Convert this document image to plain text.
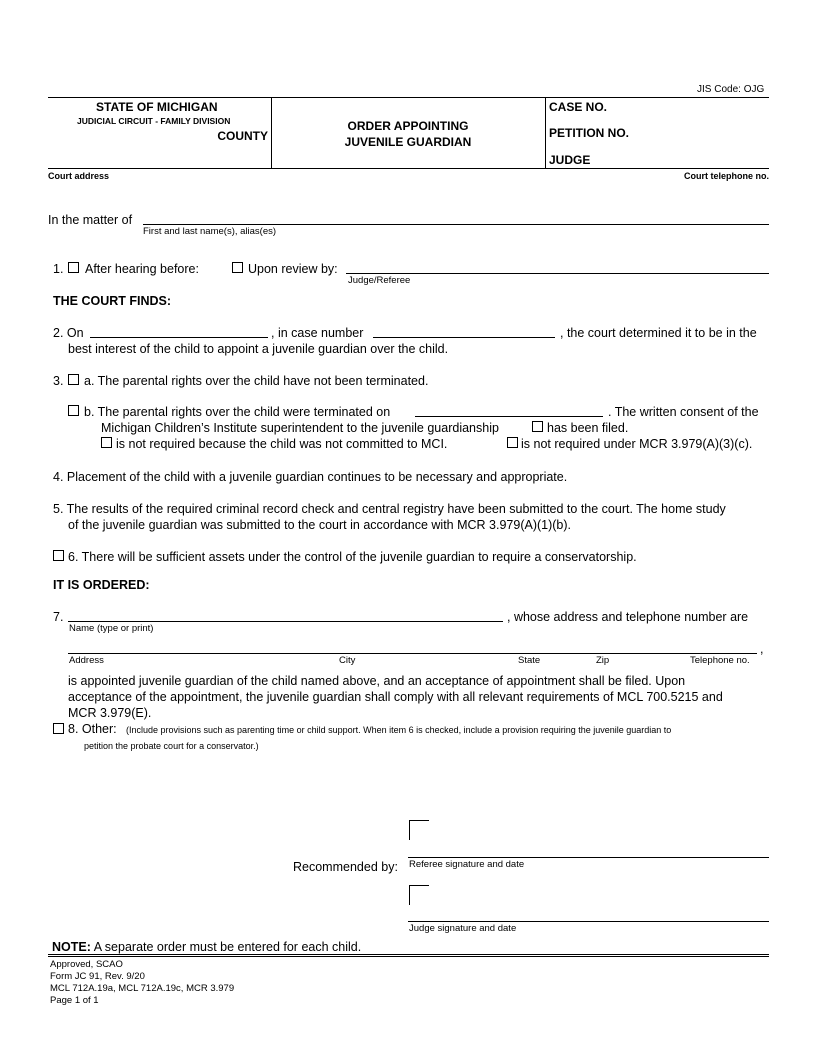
JIS Code: OJG
STATE OF MICHIGAN
JUDICIAL CIRCUIT - FAMILY DIVISION
COUNTY
ORDER APPOINTING
JUVENILE GUARDIAN
CASE NO.
PETITION NO.
JUDGE
Court address	Court telephone no.
In the matter of
First and last name(s), alias(es)
1. After hearing before:	Upon review by:
Judge/Referee
THE COURT FINDS:
2. On	, in case number	, the court determined it to be in the
best interest of the child to appoint a juvenile guardian over the child.
3. a. The parental rights over the child have not been terminated.
b. The parental rights over the child were terminated on	. The written consent of the
Michigan Children’s Institute superintendent to the juvenile guardianship	has been filed.
is not required because the child was not committed to MCI.	is not required under MCR 3.979(A)(3)(c).
4. Placement of the child with a juvenile guardian continues to be necessary and appropriate.
5. The results of the required criminal record check and central registry have been submitted to the court. The home study
of the juvenile guardian was submitted to the court in accordance with MCR 3.979(A)(1)(b).
6. There will be sufficient assets under the control of the juvenile guardian to require a conservatorship.
IT IS ORDERED:
7.
Name (type or print)
, whose address and telephone number are
,
Address	City	State	Zip	Telephone no.
is appointed juvenile guardian of the child named above, and an acceptance of appointment shall be filed. Upon
acceptance of the appointment, the juvenile guardian shall comply with all relevant requirements of MCL 700.5215 and
MCR 3.979(E).
8. Other: (Include provisions such as parenting time or child support. When item 6 is checked, include a provision requiring the juvenile guardian to
petition the probate court for a conservator.)
Recommended by: Referee signature and date
Judge signature and date
NOTE: A separate order must be entered for each child.
Approved, SCAO
Form JC 91, Rev. 9/20
MCL 712A.19a, MCL 712A.19c, MCR 3.979
Page 1 of 1
